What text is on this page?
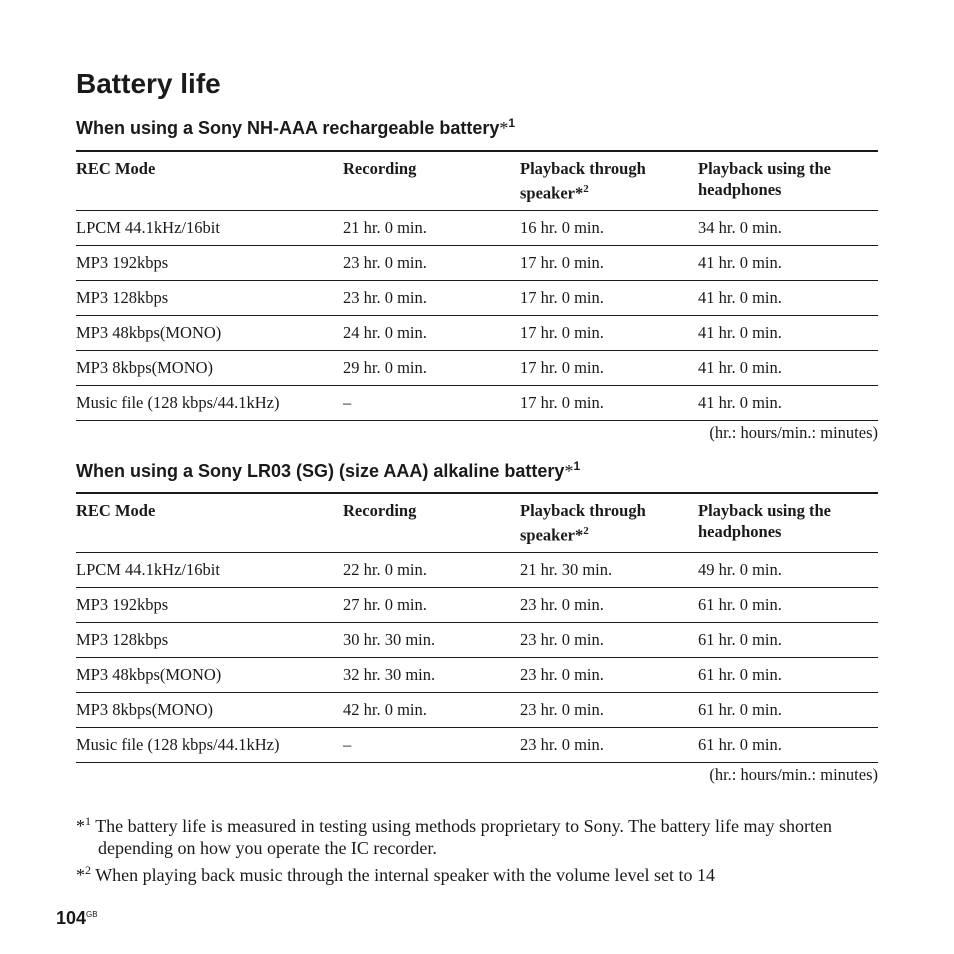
Battery life
When using a Sony NH-AAA rechargeable battery*$^1$
REC Mode	Recording	Playback through speaker*$^2$	Playback using the headphones
LPCM 44.1kHz/16bit	21 hr. 0 min.	16 hr. 0 min.	34 hr. 0 min.
MP3 192kbps	23 hr. 0 min.	17 hr. 0 min.	41 hr. 0 min.
MP3 128kbps	23 hr. 0 min.	17 hr. 0 min.	41 hr. 0 min.
MP3 48kbps(MONO)	24 hr. 0 min.	17 hr. 0 min.	41 hr. 0 min.
MP3 8kbps(MONO)	29 hr. 0 min.	17 hr. 0 min.	41 hr. 0 min.
Music file (128 kbps/44.1kHz)	–	17 hr. 0 min.	41 hr. 0 min.
(hr.: hours/min.: minutes)
When using a Sony LR03 (SG) (size AAA) alkaline battery*$^1$
REC Mode	Recording	Playback through speaker*$^2$	Playback using the headphones
LPCM 44.1kHz/16bit	22 hr. 0 min.	21 hr. 30 min.	49 hr. 0 min.
MP3 192kbps	27 hr. 0 min.	23 hr. 0 min.	61 hr. 0 min.
MP3 128kbps	30 hr. 30 min.	23 hr. 0 min.	61 hr. 0 min.
MP3 48kbps(MONO)	32 hr. 30 min.	23 hr. 0 min.	61 hr. 0 min.
MP3 8kbps(MONO)	42 hr. 0 min.	23 hr. 0 min.	61 hr. 0 min.
Music file (128 kbps/44.1kHz)	–	23 hr. 0 min.	61 hr. 0 min.
(hr.: hours/min.: minutes)

*$^1$ The battery life is measured in testing using methods proprietary to Sony. The battery life may shorten depending on how you operate the IC recorder.

*$^2$ When playing back music through the internal speaker with the volume level set to 14

$104^{GB}$
